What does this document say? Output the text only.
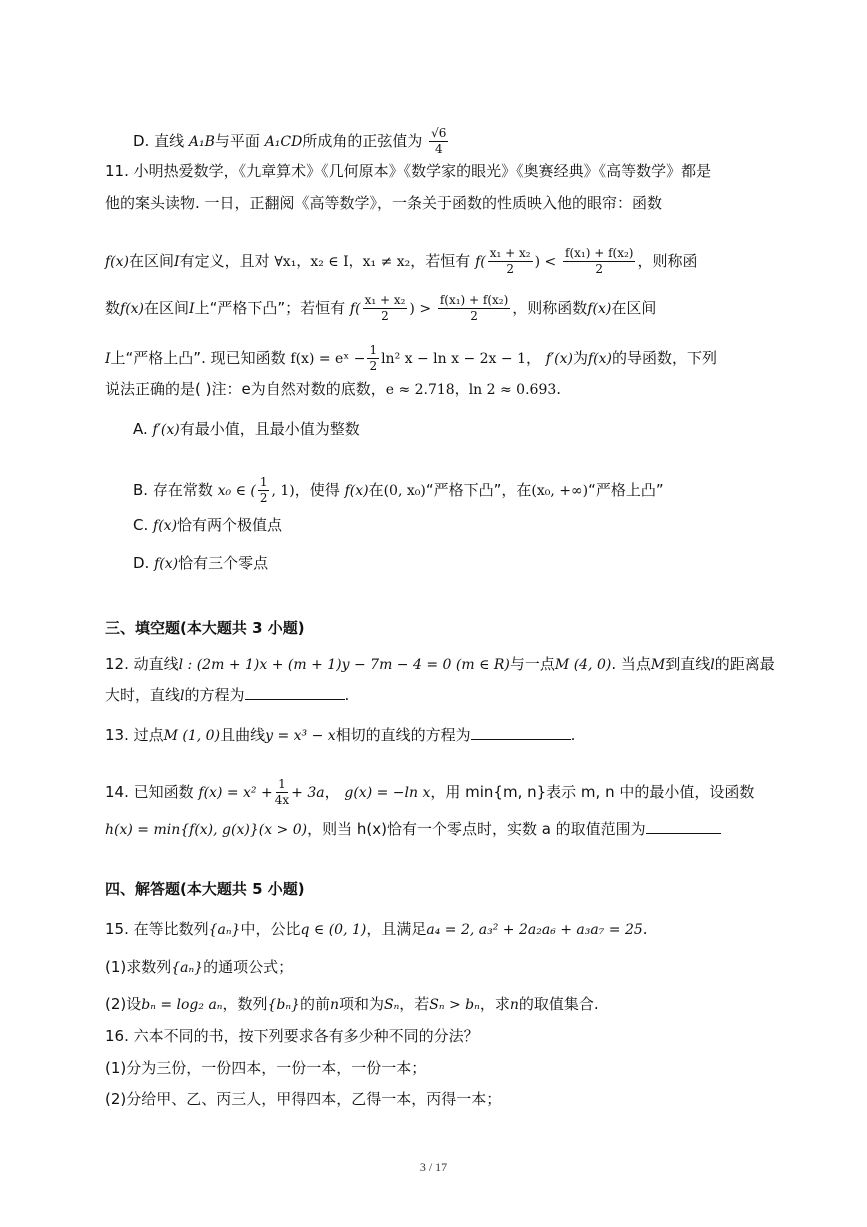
D. 直线 A₁B与平面 A₁CD所成角的正弦值为 $\frac{√6}{4}$
11. 小明热爱数学，《九章算术》《几何原本》《数学家的眼光》《奥赛经典》《高等数学》都是
他的案头读物. 一日，正翻阅《高等数学》，一条关于函数的性质映入他的眼帘：函数
f(x)在区间I有定义，且对 ∀x₁，x₂ ∈ I，x₁ ≠ x₂，若恒有 $f( \frac{\text{x₁ + x₂}}{2}$ ) < $\frac{\text{f(x₁) + f(x₂)}}{2}$ ，则称函
数f(x)在区间I上“严格下凸”；若恒有 $f( \frac{\text{x₁ + x₂}}{2}$ ) > $\frac{\text{f(x₁) + f(x₂)}}{2}$ ，则称函数f(x)在区间
I上“严格上凸”. 现已知函数 f(x) = eˣ − $\frac{1}{2} \ln^2$ x − ln x − 2x − 1， f′(x)为f(x)的导函数，下列
说法正确的是( )注：e为自然对数的底数，e ≈ 2.718，ln 2 ≈ 0.693.
A. f′(x)有最小值，且最小值为整数
B. 存在常数 x₀ ∈ ( $\frac{1}{2}$ , 1)，使得 f(x)在(0, x₀)“严格下凸”，在(x₀, +∞)“严格上凸”
C. f(x)恰有两个极值点
D. f(x)恰有三个零点
三、填空题(本大题共 3 小题)
12. 动直线l : (2m + 1)x + (m + 1)y − 7m − 4 = 0 (m ∈ R)与一点M (4, 0). 当点M到直线l的距离最
大时，直线l的方程为	.
13. 过点M (1, 0)且曲线y = x³ − x相切的直线的方程为	.
14. 已知函数 $f(x) = x^2 + \frac{1}{4x} + 3a$， g(x) = −ln x，用 min{m, n}表示 m, n 中的最小值，设函数
h(x) = min{f(x), g(x)}(x > 0)，则当 h(x)恰有一个零点时，实数 a 的取值范围为
四、解答题(本大题共 5 小题)
15. 在等比数列{aₙ}中，公比q ∈ (0, 1)，且满足a₄ = 2, a₃² + 2a₂a₆ + a₃a₇ = 25.
(1)求数列{aₙ}的通项公式；
(2)设bₙ = log₂ aₙ，数列{bₙ}的前n项和为Sₙ，若Sₙ > bₙ，求n的取值集合.
16. 六本不同的书，按下列要求各有多少种不同的分法？
(1)分为三份，一份四本，一份一本，一份一本；
(2)分给甲、乙、丙三人，甲得四本，乙得一本，丙得一本；
3 / 17
